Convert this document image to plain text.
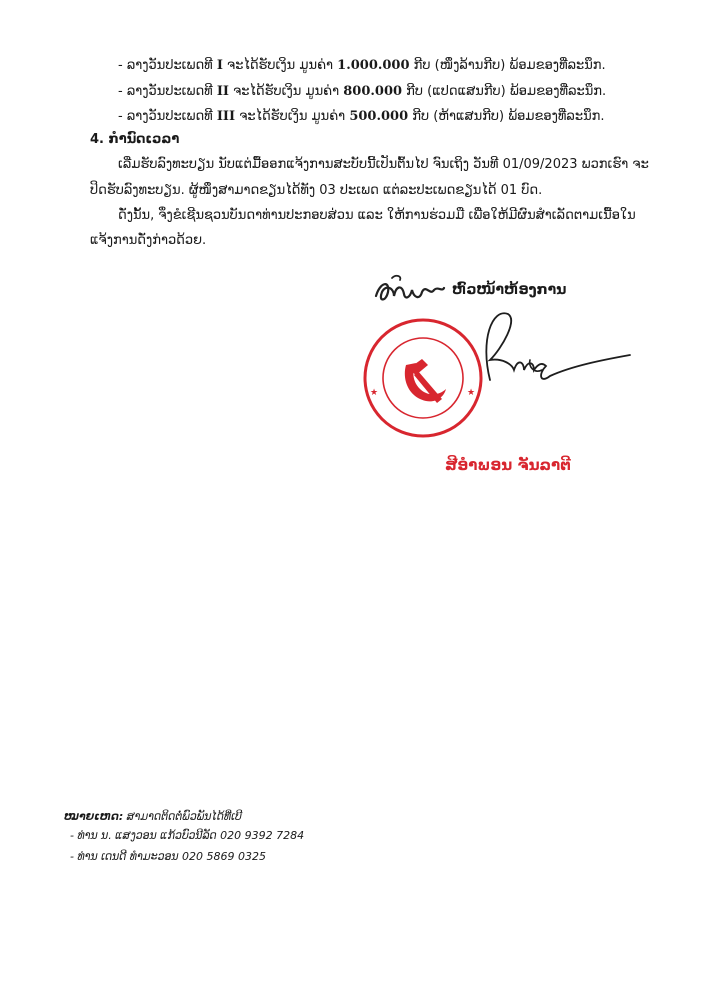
- ລາງວັນປະເພດທີ I ຈະໄດ້ຮັບເງິນ ມູນຄ່າ 1.000.000 ກີບ (ໜຶ່ງລ້ານກີບ) ພ້ອມຂອງທີ່ລະນຶກ.
- ລາງວັນປະເພດທີ II ຈະໄດ້ຮັບເງິນ ມູນຄ່າ 800.000 ກີບ (ແປດແສນກີບ) ພ້ອມຂອງທີ່ລະນຶກ.
- ລາງວັນປະເພດທີ III ຈະໄດ້ຮັບເງິນ ມູນຄ່າ 500.000 ກີບ (ຫ້າແສນກີບ) ພ້ອມຂອງທີ່ລະນຶກ.
4. ກຳນົດເວລາ
ເລີ່ມຮັບລົງທະບຽນ ນັບແຕ່ມື້ອອກແຈ້ງການສະບັບນີ້ເປັນຕົ້ນໄປ ຈົນເຖິງ ວັນທີ 01/09/2023 ພວກເຮົາ ຈະ
ປິດຮັບລົງທະບຽນ. ຜູ້ໜຶ່ງສາມາດຂຽນໄດ້ທັງ 03 ປະເພດ ແຕ່ລະປະເພດຂຽນໄດ້ 01 ບົດ.
ດັ່ງນັ້ນ, ຈຶ່ງຂໍເຊີນຊວນບັນດາທ່ານປະກອບສ່ວນ ແລະ ໃຫ້ການຮ່ວມມື ເພື່ອໃຫ້ມີຜົນສຳເລັດຕາມເນື້ອໃນ
ແຈ້ງການດັ່ງກ່າວດ້ວຍ.
ຫົວໜ້າຫ້ອງການ
★	★
ສີອຳພອນ ຈັນລາຕີ
ໝາຍເຫດ: ສາມາດຕິດຕໍ່ພົວພັນໄດ້ທີ່ເບີ
- ທ່ານ ນ. ແສງວອນ ແກ້ວບົວນີລັດ 020 9392 7284
- ທ່ານ ເດນດີ ທຳມະວອນ 020 5869 0325
